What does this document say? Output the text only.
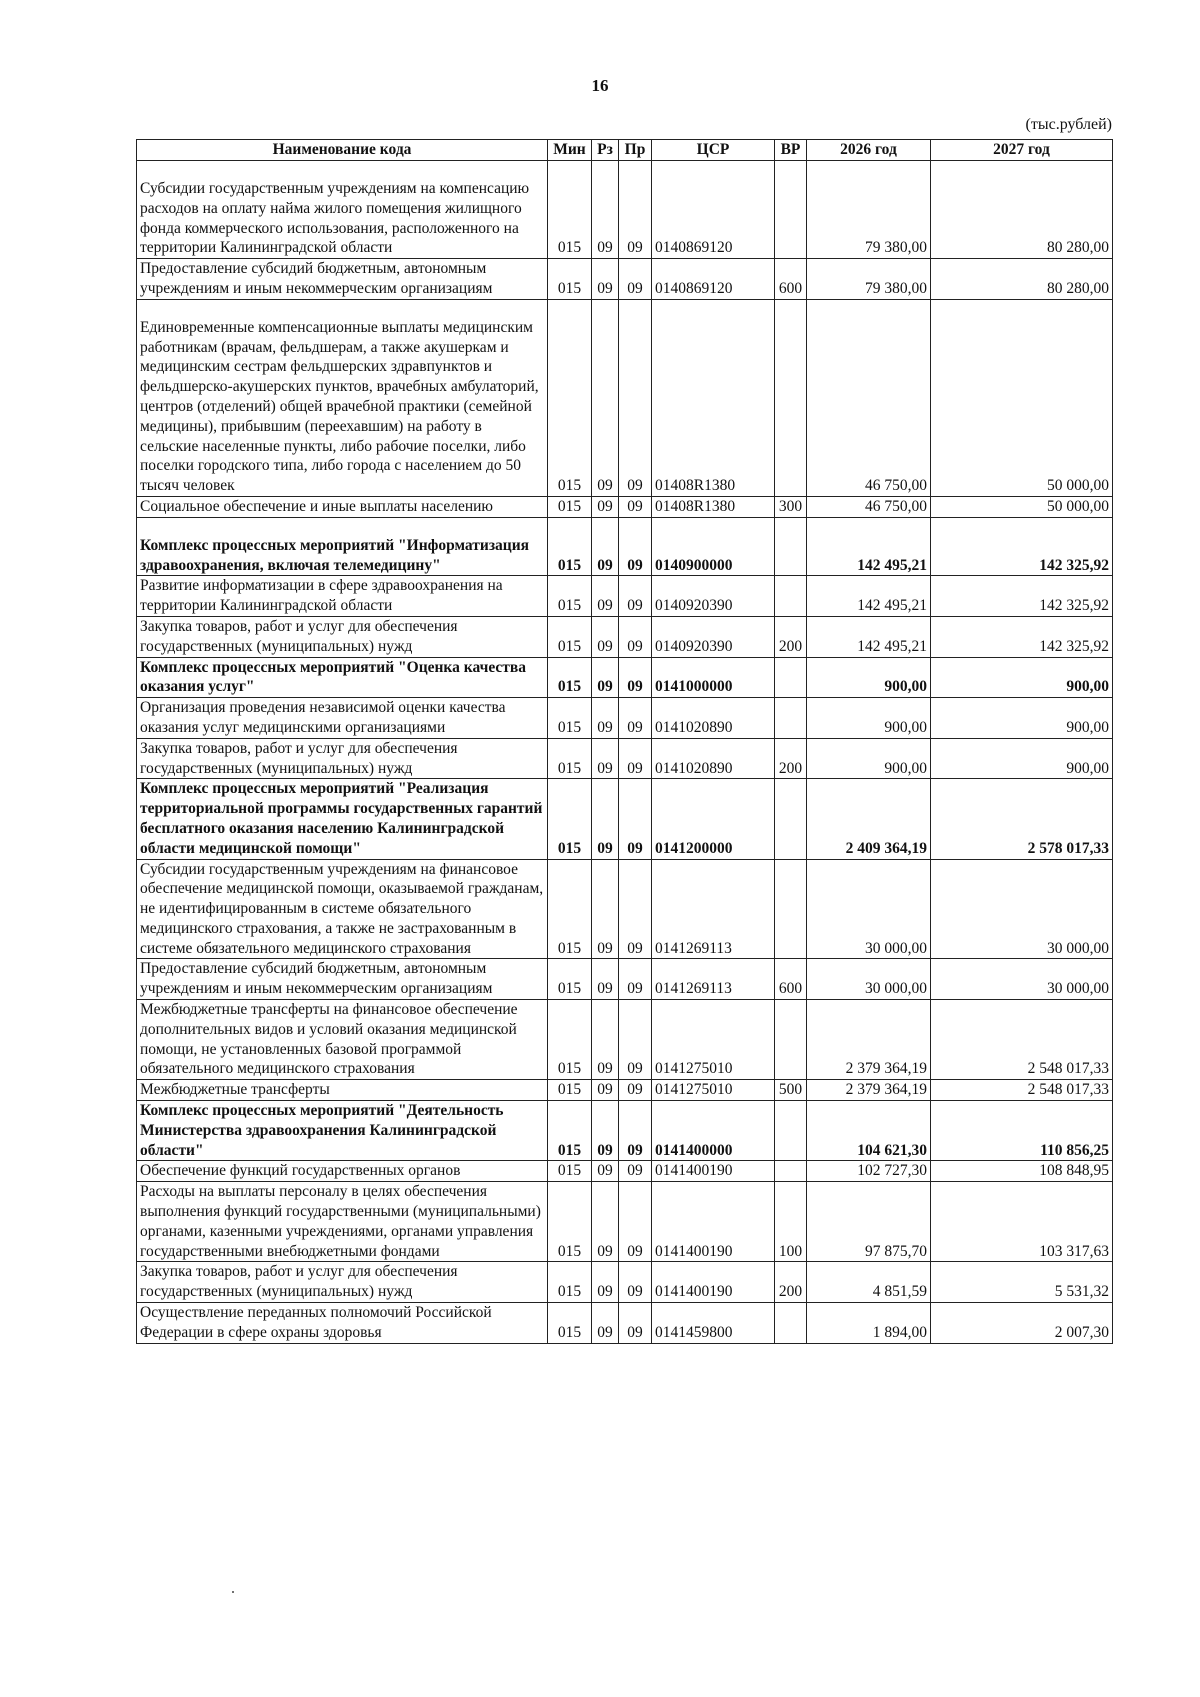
16
(тыс.рублей)
Наименование кода	Мин	Рз	Пр	ЦСР	ВР	2026 год	2027 год
Субсидии государственным учреждениям на компенсацию расходов на оплату найма жилого помещения жилищного фонда коммерческого использования, расположенного на территории Калининградской области	015	09	09	0140869120		79 380,00	80 280,00
Предоставление субсидий бюджетным, автономным учреждениям и иным некоммерческим организациям	015	09	09	0140869120	600	79 380,00	80 280,00
Единовременные компенсационные выплаты медицинским работникам (врачам, фельдшерам, а также акушеркам и медицинским сестрам фельдшерских здравпунктов и фельдшерско-акушерских пунктов, врачебных амбулаторий, центров (отделений) общей врачебной практики (семейной медицины), прибывшим (переехавшим) на работу в сельские населенные пункты, либо рабочие поселки, либо поселки городского типа, либо города с населением до 50 тысяч человек	015	09	09	01408R1380		46 750,00	50 000,00
Социальное обеспечение и иные выплаты населению	015	09	09	01408R1380	300	46 750,00	50 000,00
Комплекс процессных мероприятий "Информатизация здравоохранения, включая телемедицину"	015	09	09	0140900000		142 495,21	142 325,92
Развитие информатизации в сфере здравоохранения на территории Калининградской области	015	09	09	0140920390		142 495,21	142 325,92
Закупка товаров, работ и услуг для обеспечения государственных (муниципальных) нужд	015	09	09	0140920390	200	142 495,21	142 325,92
Комплекс процессных мероприятий "Оценка качества оказания услуг"	015	09	09	0141000000		900,00	900,00
Организация проведения независимой оценки качества оказания услуг медицинскими организациями	015	09	09	0141020890		900,00	900,00
Закупка товаров, работ и услуг для обеспечения государственных (муниципальных) нужд	015	09	09	0141020890	200	900,00	900,00
Комплекс процессных мероприятий "Реализация территориальной программы государственных гарантий бесплатного оказания населению Калининградской области медицинской помощи"	015	09	09	0141200000		2 409 364,19	2 578 017,33
Субсидии государственным учреждениям на финансовое обеспечение медицинской помощи, оказываемой гражданам, не идентифицированным в системе обязательного медицинского страхования, а также не застрахованным в системе обязательного медицинского страхования	015	09	09	0141269113		30 000,00	30 000,00
Предоставление субсидий бюджетным, автономным учреждениям и иным некоммерческим организациям	015	09	09	0141269113	600	30 000,00	30 000,00
Межбюджетные трансферты на финансовое обеспечение дополнительных видов и условий оказания медицинской помощи, не установленных базовой программой обязательного медицинского страхования	015	09	09	0141275010		2 379 364,19	2 548 017,33
Межбюджетные трансферты	015	09	09	0141275010	500	2 379 364,19	2 548 017,33
Комплекс процессных мероприятий "Деятельность Министерства здравоохранения Калининградской области"	015	09	09	0141400000		104 621,30	110 856,25
Обеспечение функций государственных органов	015	09	09	0141400190		102 727,30	108 848,95
Расходы на выплаты персоналу в целях обеспечения выполнения функций государственными (муниципальными) органами, казенными учреждениями, органами управления государственными внебюджетными фондами	015	09	09	0141400190	100	97 875,70	103 317,63
Закупка товаров, работ и услуг для обеспечения государственных (муниципальных) нужд	015	09	09	0141400190	200	4 851,59	5 531,32
Осуществление переданных полномочий Российской Федерации в сфере охраны здоровья	015	09	09	0141459800		1 894,00	2 007,30
